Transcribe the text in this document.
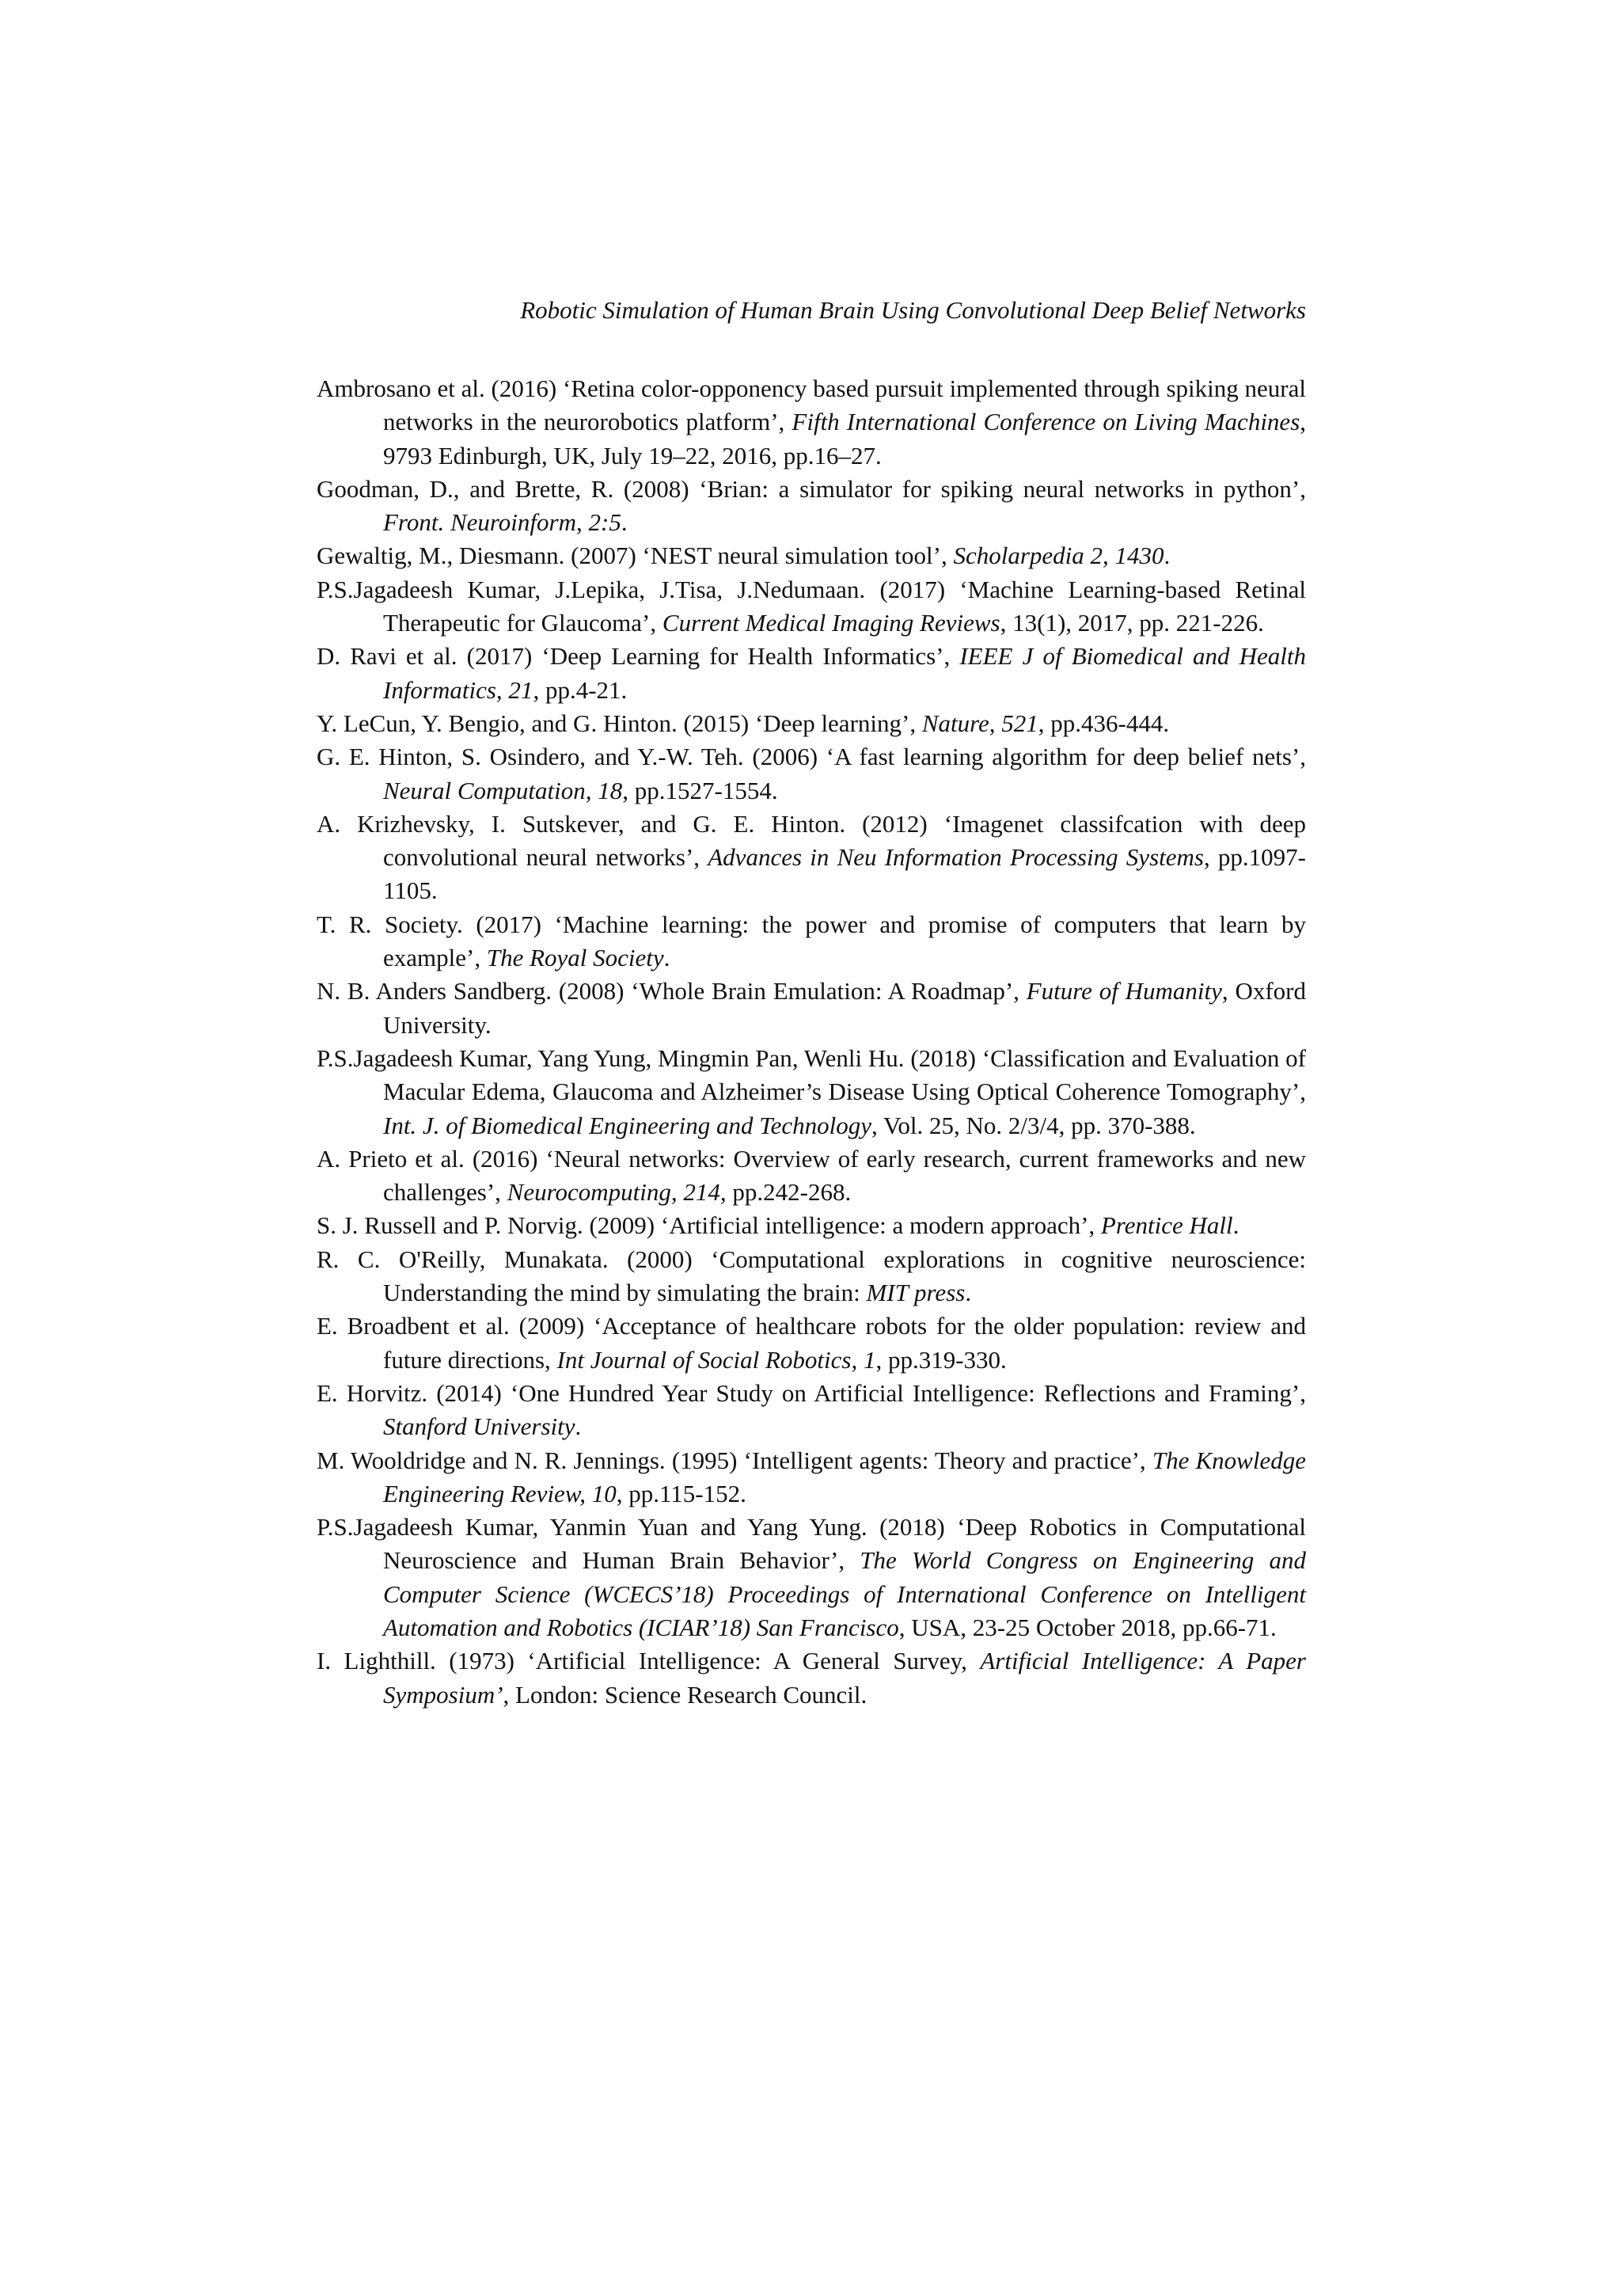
Robotic Simulation of Human Brain Using Convolutional Deep Belief Networks

Ambrosano et al. (2016) ‘Retina color-opponency based pursuit implemented through spiking neural networks in the neurorobotics platform’, Fifth International Conference on Living Machines, 9793 Edinburgh, UK, July 19–22, 2016, pp.16–27.

Goodman, D., and Brette, R. (2008) ‘Brian: a simulator for spiking neural networks in python’, Front. Neuroinform, 2:5.

Gewaltig, M., Diesmann. (2007) ‘NEST neural simulation tool’, Scholarpedia 2, 1430.

P.S.Jagadeesh Kumar, J.Lepika, J.Tisa, J.Nedumaan. (2017) ‘Machine Learning-based Retinal Therapeutic for Glaucoma’, Current Medical Imaging Reviews, 13(1), 2017, pp. 221-226.

D. Ravi et al. (2017) ‘Deep Learning for Health Informatics’, IEEE J of Biomedical and Health Informatics, 21, pp.4-21.

Y. LeCun, Y. Bengio, and G. Hinton. (2015) ‘Deep learning’, Nature, 521, pp.436-444.

G. E. Hinton, S. Osindero, and Y.-W. Teh. (2006) ‘A fast learning algorithm for deep belief nets’, Neural Computation, 18, pp.1527-1554.

A. Krizhevsky, I. Sutskever, and G. E. Hinton. (2012) ‘Imagenet classifcation with deep convolutional neural networks’, Advances in Neu Information Processing Systems, pp.1097-1105.

T. R. Society. (2017) ‘Machine learning: the power and promise of computers that learn by example’, The Royal Society.

N. B. Anders Sandberg. (2008) ‘Whole Brain Emulation: A Roadmap’, Future of Humanity, Oxford University.

P.S.Jagadeesh Kumar, Yang Yung, Mingmin Pan, Wenli Hu. (2018) ‘Classification and Evaluation of Macular Edema, Glaucoma and Alzheimer’s Disease Using Optical Coherence Tomography’, Int. J. of Biomedical Engineering and Technology, Vol. 25, No. 2/3/4, pp. 370-388.

A. Prieto et al. (2016) ‘Neural networks: Overview of early research, current frameworks and new challenges’, Neurocomputing, 214, pp.242-268.

S. J. Russell and P. Norvig. (2009) ‘Artificial intelligence: a modern approach’, Prentice Hall.

R. C. O'Reilly, Munakata. (2000) ‘Computational explorations in cognitive neuroscience: Understanding the mind by simulating the brain: MIT press.

E. Broadbent et al. (2009) ‘Acceptance of healthcare robots for the older population: review and future directions, Int Journal of Social Robotics, 1, pp.319-330.

E. Horvitz. (2014) ‘One Hundred Year Study on Artificial Intelligence: Reflections and Framing’, Stanford University.

M. Wooldridge and N. R. Jennings. (1995) ‘Intelligent agents: Theory and practice’, The Knowledge Engineering Review, 10, pp.115-152.

P.S.Jagadeesh Kumar, Yanmin Yuan and Yang Yung. (2018) ‘Deep Robotics in Computational Neuroscience and Human Brain Behavior’, The World Congress on Engineering and Computer Science (WCECS’18) Proceedings of International Conference on Intelligent Automation and Robotics (ICIAR’18) San Francisco, USA, 23-25 October 2018, pp.66-71.

I. Lighthill. (1973) ‘Artificial Intelligence: A General Survey, Artificial Intelligence: A Paper Symposium’, London: Science Research Council.
